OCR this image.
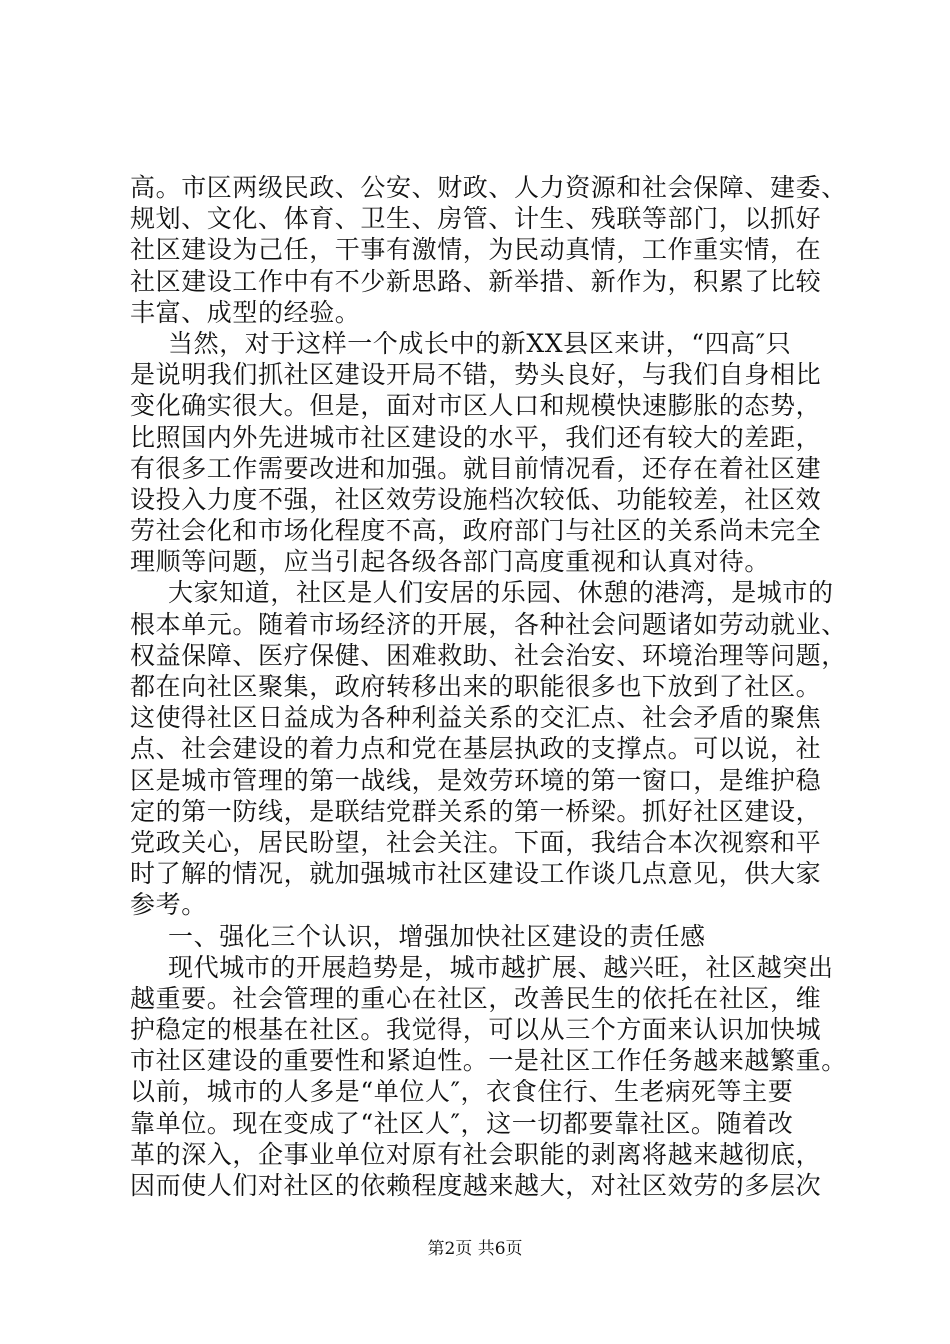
高。市区两级民政、公安、财政、人力资源和社会保障、建委、
规划、文化、体育、卫生、房管、计生、残联等部门，以抓好
社区建设为己任，干事有激情，为民动真情，工作重实情，在
社区建设工作中有不少新思路、新举措、新作为，积累了比较
丰富、成型的经验。
当然，对于这样一个成长中的新XX县区来讲，“四高″只
是说明我们抓社区建设开局不错，势头良好，与我们自身相比
变化确实很大。但是，面对市区人口和规模快速膨胀的态势，
比照国内外先进城市社区建设的水平，我们还有较大的差距，
有很多工作需要改进和加强。就目前情况看，还存在着社区建
设投入力度不强，社区效劳设施档次较低、功能较差，社区效
劳社会化和市场化程度不高，政府部门与社区的关系尚未完全
理顺等问题，应当引起各级各部门高度重视和认真对待。
大家知道，社区是人们安居的乐园、休憩的港湾，是城市的
根本单元。随着市场经济的开展，各种社会问题诸如劳动就业、
权益保障、医疗保健、困难救助、社会治安、环境治理等问题，
都在向社区聚集，政府转移出来的职能很多也下放到了社区。
这使得社区日益成为各种利益关系的交汇点、社会矛盾的聚焦
点、社会建设的着力点和党在基层执政的支撑点。可以说，社
区是城市管理的第一战线，是效劳环境的第一窗口，是维护稳
定的第一防线，是联结党群关系的第一桥梁。抓好社区建设，
党政关心，居民盼望，社会关注。下面，我结合本次视察和平
时了解的情况，就加强城市社区建设工作谈几点意见，供大家
参考。
一、强化三个认识，增强加快社区建设的责任感
现代城市的开展趋势是，城市越扩展、越兴旺，社区越突出
越重要。社会管理的重心在社区，改善民生的依托在社区，维
护稳定的根基在社区。我觉得，可以从三个方面来认识加快城
市社区建设的重要性和紧迫性。一是社区工作任务越来越繁重。
以前，城市的人多是“单位人″，衣食住行、生老病死等主要
靠单位。现在变成了“社区人″，这一切都要靠社区。随着改
革的深入，企事业单位对原有社会职能的剥离将越来越彻底，
因而使人们对社区的依赖程度越来越大，对社区效劳的多层次
第2页 共6页
